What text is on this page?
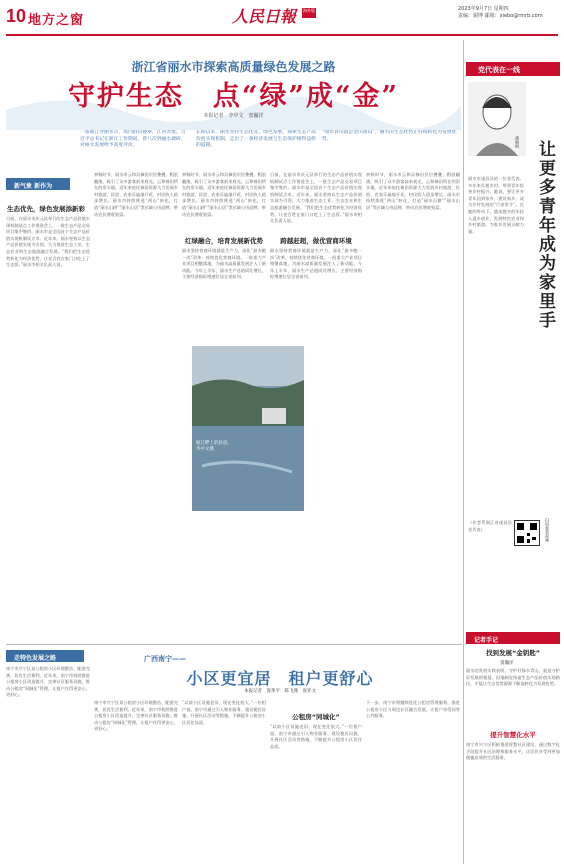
10 地方之窗	人民日報 海外版	2023年9月7日 星期四
责编：谢博 邮箱：xiebo@rmrb.com
浙江省丽水市探索高质量绿色发展之路
守护生态　点“绿”成“金”
本报记者　李中文　窦瀚洋
一条瓯江穿丽水市，境内群山叠翠，江河奔流。习近平总书记在浙江工作期间，曾八次到丽水调研，对丽水发展给予高度评价。
长期以来，丽水坚持生态优先、绿色发展，探索生态产品价值实现机制，走出了一条经济发展与生态保护相得益彰的道路。
“绿水青山就是金山银山”，丽水的生态优势正持续转化为发展优势。
新气象 新作为
生态优先，绿色发展添新彩
日前，在丽水市庆元县举行的生态产品价值实现机制试点工作推进会上，一批生态产品交易项目集中签约。丽水市是全国首个生态产品价值实现机制试点市。近年来，丽水坚持以生态产品价值实现为引领，大力推进生态工业、生态农业和生态旅游融合发展。“我们把生态优势转化为经济优势，让老百姓在家门口吃上了生态饭。”丽水市相关负责人说。
初秋时节，丽水市云和县梯田层层叠叠，稻浪翻滚，吸引了众多游客前来观光。云和梯田所在的崇头镇，近年来依托梯田资源大力发展乡村旅游，民宿、农家乐遍地开花，村民收入稳步增长。丽水市持续推进“两山”转化，打造“丽水山耕”“丽水山居”等区域公用品牌，带动农民增收致富。
初秋时节，丽水市云和县梯田层层叠叠，稻浪翻滚，吸引了众多游客前来观光。云和梯田所在的崇头镇，近年来依托梯田资源大力发展乡村旅游，民宿、农家乐遍地开花，村民收入稳步增长。丽水市持续推进“两山”转化，打造“丽水山耕”“丽水山居”等区域公用品牌，带动农民增收致富。
红绿融合，培育发展新优势
丽水坚持营商环境就是生产力，深化“最多跑一次”改革，持续优化营商环境。一批重大产业项目相继落地，为丽水高质量发展注入了新动能。今年上半年，丽水生产总值同比增长，主要经济指标增速位居全省前列。
日前，在丽水市庆元县举行的生态产品价值实现机制试点工作推进会上，一批生态产品交易项目集中签约。丽水市是全国首个生态产品价值实现机制试点市。近年来，丽水坚持以生态产品价值实现为引领，大力推进生态工业、生态农业和生态旅游融合发展。“我们把生态优势转化为经济优势，让老百姓在家门口吃上了生态饭。”丽水市相关负责人说。
跨越赶超，做优营商环境
丽水坚持营商环境就是生产力，深化“最多跑一次”改革，持续优化营商环境。一批重大产业项目相继落地，为丽水高质量发展注入了新动能。今年上半年，丽水生产总值同比增长，主要经济指标增速位居全省前列。
初秋时节，丽水市云和县梯田层层叠叠，稻浪翻滚，吸引了众多游客前来观光。云和梯田所在的崇头镇，近年来依托梯田资源大力发展乡村旅游，民宿、农家乐遍地开花，村民收入稳步增长。丽水市持续推进“两山”转化，打造“丽水山耕”“丽水山居”等区域公用品牌，带动农民增收致富。
瓯江畔上的民宿。
李中文摄
▼浙江丽水市云和县梯田风光
景宁县
党代表在一线
潘丽娟 让更多青年成为家里手
丽水市遂昌县的一位党代表，多年来扎根乡村，带领青年投身乡村振兴。她说，要让更多青年回到家乡、建设家乡，成为乡村发展的“行家里手”。在她的带动下，越来越多的年轻人返乡创业，发展特色农业和乡村旅游，为家乡发展贡献力量。
（作者系浙江省遂昌县党代表）	扫码观看视频
记者手记
找到发展“金钥匙”
窦瀚洋
丽水的发展实践表明，守护好绿水青山，就是守护好发展的根基。因地制宜探索生态产品价值实现路径，才能让生态优势源源不断地转化为发展优势。
提升智慧化水平
南宁市兴宁区积极推进智慧社区建设，通过数字化手段提升社区治理和服务水平，让居民享受到更加便捷高效的生活服务。
走特色发展之路
南宁市兴宁区某公租房小区环境整洁、配套完善，居民生活便利。近年来，南宁市持续推进公租房小区改造提升，完善社区服务设施，推动公租房“同城化”管理，让租户住得更安心、更舒心。
广西南宁——
小区更宜居　租户更舒心
本报记者　庞革平　陈飞燕　庞亚文
南宁市兴宁区某公租房小区环境整洁、配套完善，居民生活便利。近年来，南宁市持续推进公租房小区改造提升，完善社区服务设施，推动公租房“同城化”管理，让租户住得更安心、更舒心。
“以前小区设施老旧，现在变化很大。”一位租户说。南宁市通过引入物业服务、建设便民设施、开展社区活动等措施，不断提升公租房小区居住品质。
公租房“同城化”
“以前小区设施老旧，现在变化很大。”一位租户说。南宁市通过引入物业服务、建设便民设施、开展社区活动等措施，不断提升公租房小区居住品质。
下一步，南宁市将继续优化公租房管理服务，推进公租房小区与周边社区融合发展，让租户享受同等公共服务。
